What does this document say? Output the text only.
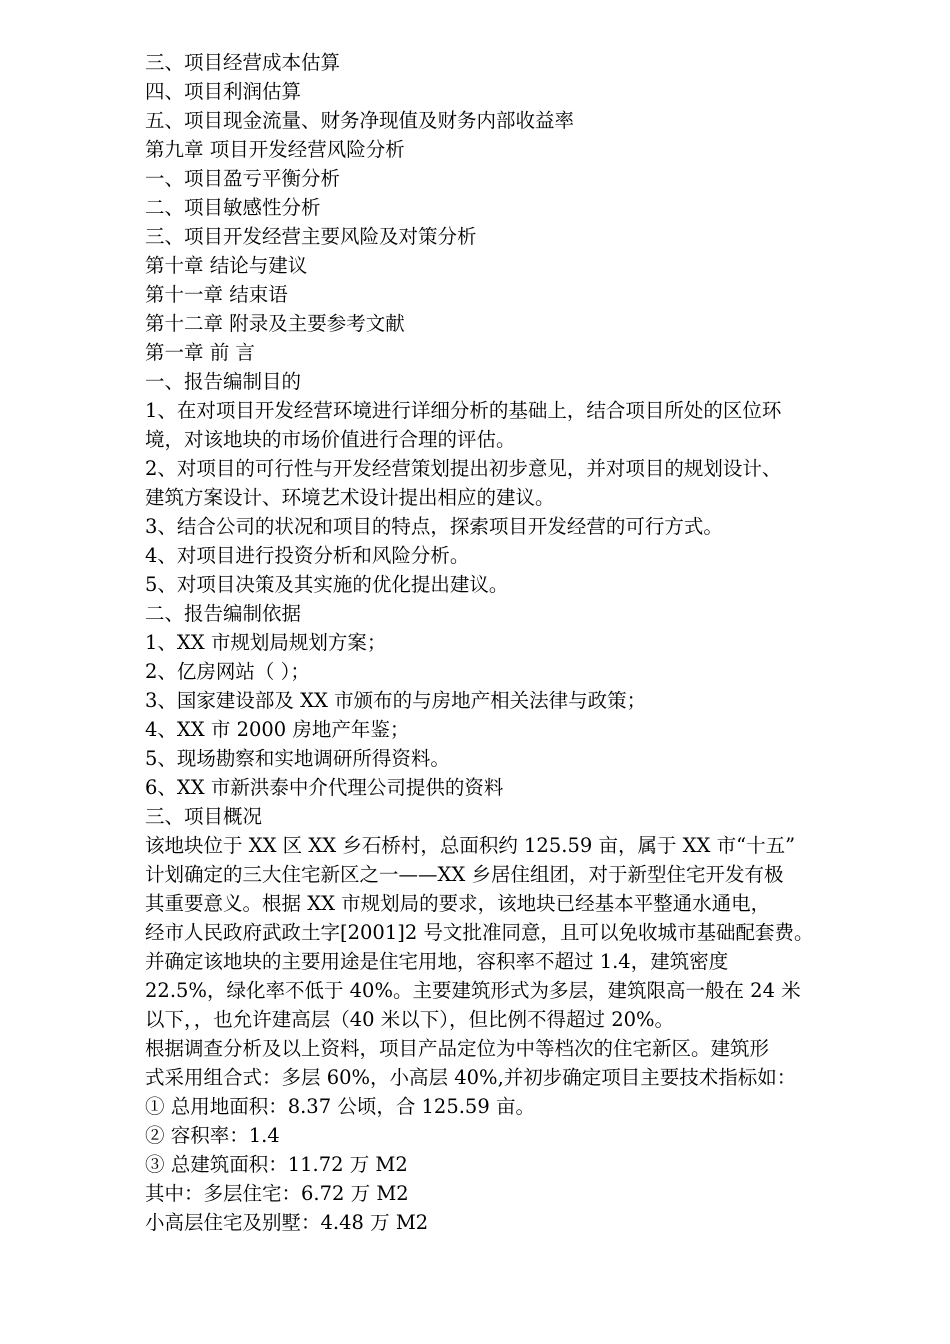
三、项目经营成本估算
四、项目利润估算
五、项目现金流量、财务净现值及财务内部收益率
第九章 项目开发经营风险分析
一、项目盈亏平衡分析
二、项目敏感性分析
三、项目开发经营主要风险及对策分析
第十章 结论与建议
第十一章 结束语
第十二章 附录及主要参考文献
第一章 前 言
一、报告编制目的
1、在对项目开发经营环境进行详细分析的基础上，结合项目所处的区位环
境，对该地块的市场价值进行合理的评估。
2、对项目的可行性与开发经营策划提出初步意见，并对项目的规划设计、
建筑方案设计、环境艺术设计提出相应的建议。
3、结合公司的状况和项目的特点，探索项目开发经营的可行方式。
4、对项目进行投资分析和风险分析。
5、对项目决策及其实施的优化提出建议。
二、报告编制依据
1、XX 市规划局规划方案；
2、亿房网站（ ）；
3、国家建设部及 XX 市颁布的与房地产相关法律与政策；
4、XX 市 2000 房地产年鉴；
5、现场勘察和实地调研所得资料。
6、XX 市新洪泰中介代理公司提供的资料
三、项目概况
该地块位于 XX 区 XX 乡石桥村，总面积约 125.59 亩，属于 XX 市“十五”
计划确定的三大住宅新区之一——XX 乡居住组团，对于新型住宅开发有极
其重要意义。根据 XX 市规划局的要求，该地块已经基本平整通水通电，
经市人民政府武政土字[2001]2 号文批准同意，且可以免收城市基础配套费。
并确定该地块的主要用途是住宅用地，容积率不超过 1.4，建筑密度
22.5%，绿化率不低于 40%。主要建筑形式为多层，建筑限高一般在 24 米
以下，，也允许建高层（40 米以下），但比例不得超过 20%。
根据调查分析及以上资料，项目产品定位为中等档次的住宅新区。建筑形
式采用组合式：多层 60%，小高层 40%,并初步确定项目主要技术指标如：
① 总用地面积：8.37 公顷，合 125.59 亩。
② 容积率：1.4
③ 总建筑面积：11.72 万 M2
其中：多层住宅：6.72 万 M2
小高层住宅及别墅：4.48 万 M2
